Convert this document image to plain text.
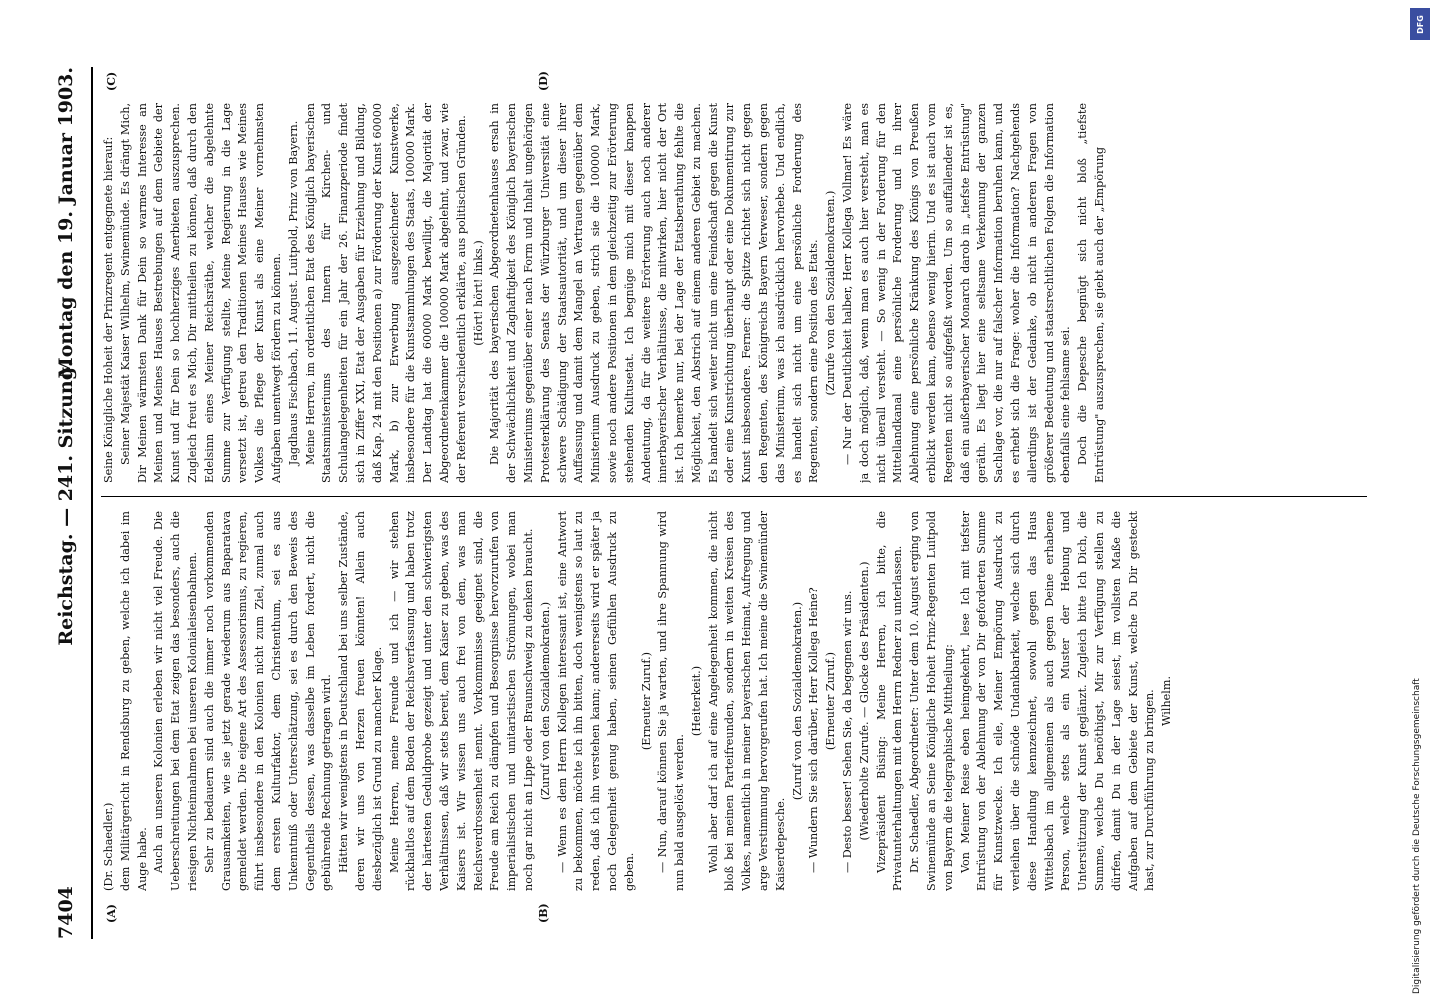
7404
Reichstag. — 241. Sitzung.
Montag den 19. Januar 1903.
(A)	(B)
(C)	(D)

(Dr. Schaedler.) dem Militärgericht in Rendsburg zu geben, welche ich dabei im Auge habe. Auch an unseren Kolonien erleben wir nicht viel Freude. Die Ueberschreitungen bei dem Etat zeigen das besonders, auch die riesigen Nichteinnahmen bei unseren Kolonialeisenbahnen. Sehr zu bedauern sind auch die immer noch vorkommenden Grausamkeiten, wie sie jetzt gerade wiederum aus Baparatava gemeldet werden. Die eigene Art des Assessorismus, zu regieren, führt insbesondere in den Kolonien nicht zum Ziel, zumal auch dem ersten Kulturfaktor, dem Christenthum, sei es aus Unkenntniß oder Unterschätzung, sei es durch den Beweis des Gegentheils dessen, was dasselbe im Leben fordert, nicht die gebührende Rechnung getragen wird. Hätten wir wenigstens in Deutschland bei uns selber Zustände, deren wir uns von Herzen freuen könnten! Allein auch diesbezüglich ist Grund zu mancher Klage. Meine Herren, meine Freunde und ich — wir stehen rückhaltlos auf dem Boden der Reichsverfassung und haben trotz der härtesten Geduldprobe gezeigt und unter den schwierigsten Verhältnissen, daß wir stets bereit, dem Kaiser zu geben, was des Kaisers ist. Wir wissen uns auch frei von dem, was man Reichsverdrossenheit nennt. Vorkommnisse geeignet sind, die Freude am Reich zu dämpfen und Besorgnisse hervorzurufen von imperialistischen und unitaristischen Strömungen, wobei man noch gar nicht an Lippe oder Braunschweig zu denken braucht. (Zuruf von den Sozialdemokraten.) — Wenn es dem Herrn Kollegen interessant ist, eine Antwort zu bekommen, möchte ich ihn bitten, doch wenigstens so laut zu reden, daß ich ihn verstehen kann; andererseits wird er später ja noch Gelegenheit genug haben, seinen Gefühlen Ausdruck zu geben.

(Erneuter Zuruf.) — Nun, darauf können Sie ja warten, und ihre Spannung wird nun bald ausgelöst werden.

(Heiterkeit.) Wohl aber darf ich auf eine Angelegenheit kommen, die nicht bloß bei meinen Parteifreunden, sondern in weiten Kreisen des Volkes, namentlich in meiner bayerischen Heimat, Aufregung und arge Verstimmung hervorgerufen hat. Ich meine die Swinemünder Kaiserdepesche.

(Zuruf von den Sozialdemokraten.) — Wundern Sie sich darüber, Herr Kollega Heine? (Erneuter Zuruf.) — Desto besser! Sehen Sie, da begegnen wir uns. (Wiederholte Zurufe. — Glocke des Präsidenten.) Vizepräsident Büsing: Meine Herren, ich bitte, die Privatunterhaltungen mit dem Herrn Redner zu unterlassen. Dr. Schaedler, Abgeordneter: Unter dem 10. August erging von Swinemünde an Seine Königliche Hoheit Prinz-Regenten Luitpold von Bayern die telegraphische Mittheilung: Von Meiner Reise eben heimgekehrt, lese Ich mit tiefster Entrüstung von der Ablehnung der von Dir geforderten Summe für Kunstzwecke. Ich eile, Meiner Empörung Ausdruck zu verleihen über die schnöde Undankbarkeit, welche sich durch diese Handlung kennzeichnet, sowohl gegen das Haus Wittelsbach im allgemeinen als auch gegen Deine erhabene Person, welche stets als ein Muster der Hebung und Unterstützung der Kunst geglänzt. Zugleich bitte Ich Dich, die Summe, welche Du benöthigst, Mir zur Verfügung stellen zu dürfen, damit Du in der Lage seiest, im vollsten Maße die Aufgaben auf dem Gebiete der Kunst, welche Du Dir gesteckt hast, zur Durchführung zu bringen. Wilhelm.

Seine Königliche Hoheit der Prinzregent entgegnete hierauf: Seiner Majestät Kaiser Wilhelm, Swinemünde. Es drängt Mich, Dir Meinen wärmsten Dank für Dein so warmes Interesse an Meinen und Meines Hauses Bestrebungen auf dem Gebiete der Kunst und für Dein so hochherziges Anerbieten auszusprechen. Zugleich freut es Mich, Dir mittheilen zu können, daß durch den Edelsinn eines Meiner Reichsräthe, welcher die abgelehnte Summe zur Verfügung stellte, Meine Regierung in die Lage versetzt ist, getreu den Traditionen Meines Hauses wie Meines Volkes die Pflege der Kunst als eine Meiner vornehmsten Aufgaben unentwegt fördern zu können. Jagdhaus Fischbach, 11. August. Luitpold, Prinz von Bayern. Meine Herren, im ordentlichen Etat des Königlich bayerischen Staatsministeriums des Innern für Kirchen- und Schulangelegenheiten für ein Jahr der 26. Finanzperiode findet sich in Ziffer XXI, Etat der Ausgaben für Erziehung und Bildung, daß Kap. 24 mit den Positionen a) zur Förderung der Kunst 60000 Mark, b) zur Erwerbung ausgezeichneter Kunstwerke, insbesondere für die Kunstsammlungen des Staats, 100000 Mark. Der Landtag hat die 60000 Mark bewilligt, die Majorität der Abgeordnetenkammer die 100000 Mark abgelehnt, und zwar, wie der Referent verschiedentlich erklärte, aus politischen Gründen. (Hört! hört! links.) Die Majorität des bayerischen Abgeordnetenhauses ersah in der Schwächlichkeit und Zaghaftigkeit des Königlich bayerischen Ministeriums gegenüber einer nach Form und Inhalt ungehörigen Protesterklärung des Senats der Würzburger Universität eine schwere Schädigung der Staatsautorität, und um dieser ihrer Auffassung und damit dem Mangel an Vertrauen gegenüber dem Ministerium Ausdruck zu geben, strich sie die 100000 Mark, sowie noch andere Positionen in dem gleichzeitig zur Erörterung stehenden Kultusetat. Ich begnüge mich mit dieser knappen Andeutung, da für die weitere Erörterung auch noch anderer innerbayerischer Verhältnisse, die mitwirken, hier nicht der Ort ist. Ich bemerke nur, bei der Lage der Etatsberathung fehlte die Möglichkeit, den Abstrich auf einem anderen Gebiet zu machen. Es handelt sich weiter nicht um eine Feindschaft gegen die Kunst oder eine Kunstrichtung überhaupt oder eine Dokumentirung zur Kunst insbesondere. Ferner: die Spitze richtet sich nicht gegen den Regenten, des Königreichs Bayern Verweser, sondern gegen das Ministerium, was ich ausdrücklich hervorhebe. Und endlich, es handelt sich nicht um eine persönliche Forderung des Regenten, sondern eine Position des Etats. (Zurufe von den Sozialdemokraten.) — Nur der Deutlichkeit halber, Herr Kollega Vollmar! Es wäre ja doch möglich, daß, wenn man es auch hier versteht, man es nicht überall versteht. — So wenig in der Forderung für den Mittellandkanal eine persönliche Forderung und in ihrer Ablehnung eine persönliche Kränkung des Königs von Preußen erblickt werden kann, ebenso wenig hierin. Und es ist auch vom Regenten nicht so aufgefaßt worden. Um so auffallender ist es, daß ein außerbayerischer Monarch darob in „tiefste Entrüstung" geräth. Es liegt hier eine seltsame Verkennung der ganzen Sachlage vor, die nur auf falscher Information beruhen kann, und es erhebt sich die Frage: woher die Information? Nachgehends allerdings ist der Gedanke, ob nicht in anderen Fragen von größerer Bedeutung und staatsrechtlichen Folgen die Information ebenfalls eine fehlsame sei. Doch die Depesche begnügt sich nicht bloß „tiefste Entrüstung" auszusprechen, sie giebt auch der „Empörung

DFG
Digitalisierung gefördert durch die Deutsche Forschungsgemeinschaft
